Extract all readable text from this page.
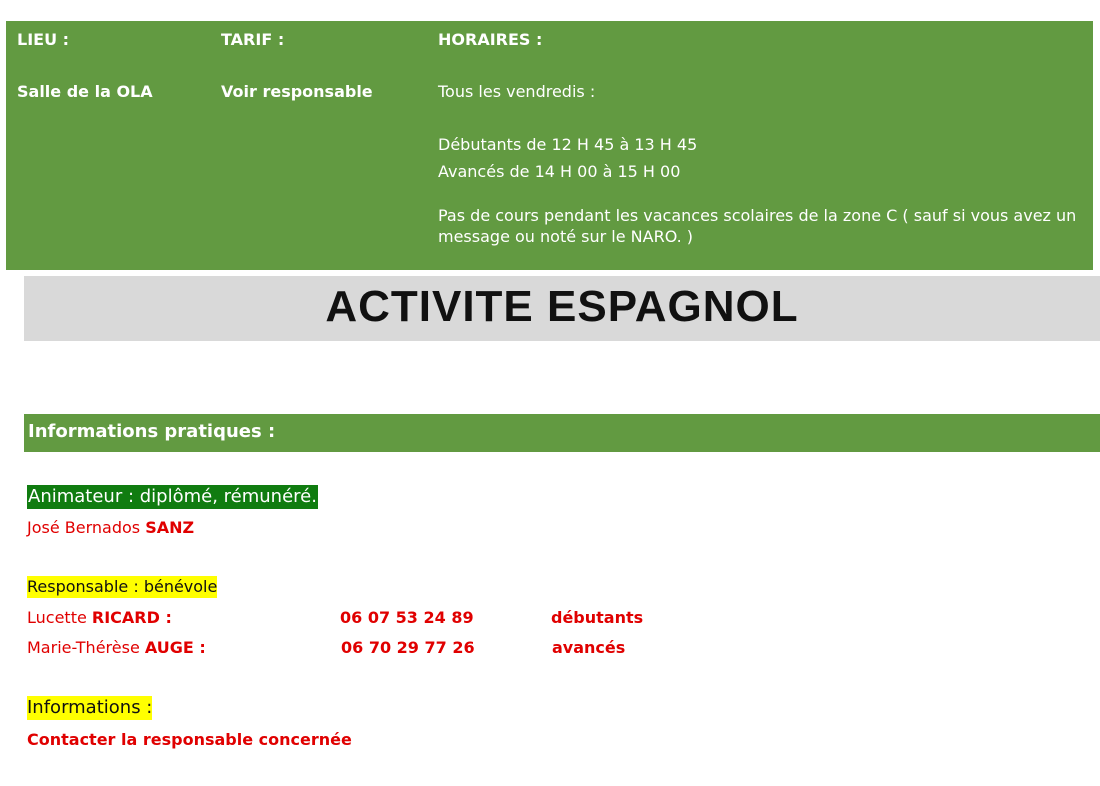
LIEU :
Salle de la OLA
TARIF :
Voir responsable
HORAIRES :
Tous les vendredis :
Débutants de 12 H 45 à 13 H 45
Avancés de 14 H 00 à 15 H 00
Pas de cours pendant les vacances scolaires de la zone C ( sauf si vous avez un message ou noté sur le NARO. )
ACTIVITE ESPAGNOL
Informations pratiques :
Animateur : diplômé, rémunéré.
José Bernados SANZ
Responsable : bénévole
Lucette RICARD :	06 07 53 24 89	débutants
Marie-Thérèse AUGE :	06 70 29 77 26	avancés
Informations :
Contacter la responsable concernée
